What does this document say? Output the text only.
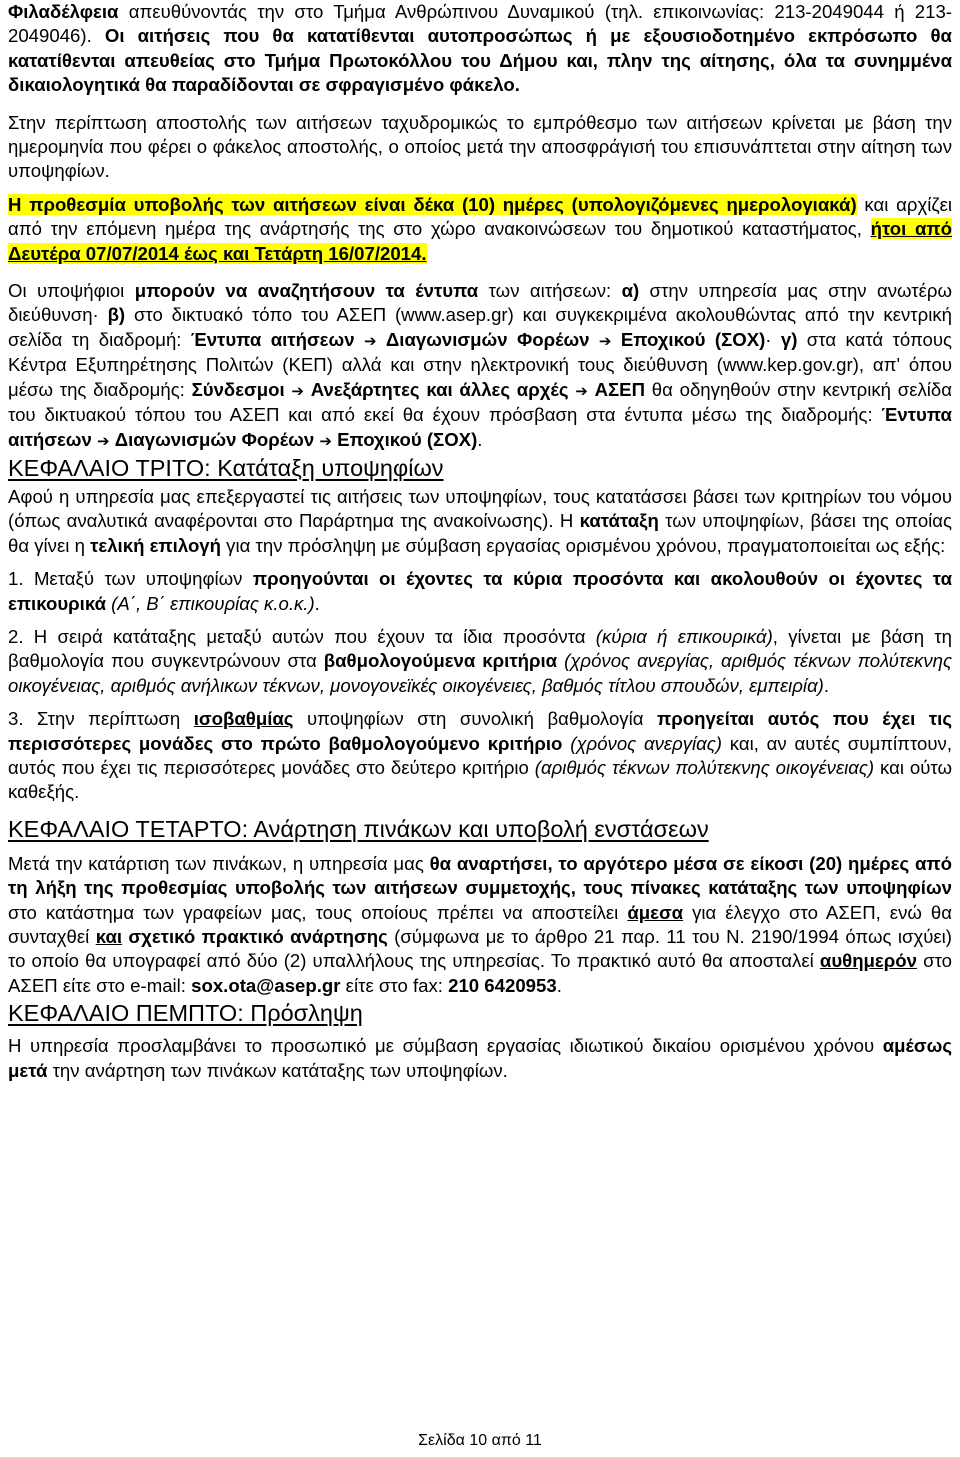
Φιλαδέλφεια απευθύνοντάς την στο Τμήμα Ανθρώπινου Δυναμικού (τηλ. επικοινωνίας: 213-2049044 ή 213-2049046). Οι αιτήσεις που θα κατατίθενται αυτοπροσώπως ή με εξουσιοδοτημένο εκπρόσωπο θα κατατίθενται απευθείας στο Τμήμα Πρωτοκόλλου του Δήμου και, πλην της αίτησης, όλα τα συνημμένα δικαιολογητικά θα παραδίδονται σε σφραγισμένο φάκελο.

Στην περίπτωση αποστολής των αιτήσεων ταχυδρομικώς το εμπρόθεσμο των αιτήσεων κρίνεται με βάση την ημερομηνία που φέρει ο φάκελος αποστολής, ο οποίος μετά την αποσφράγισή του επισυνάπτεται στην αίτηση των υποψηφίων.

Η προθεσμία υποβολής των αιτήσεων είναι δέκα (10) ημέρες (υπολογιζόμενες ημερολογιακά) και αρχίζει από την επόμενη ημέρα της ανάρτησής της στο χώρο ανακοινώσεων του δημοτικού καταστήματος, ήτοι από Δευτέρα 07/07/2014 έως και Τετάρτη 16/07/2014.

Οι υποψήφιοι μπορούν να αναζητήσουν τα έντυπα των αιτήσεων: α) στην υπηρεσία μας στην ανωτέρω διεύθυνση· β) στο δικτυακό τόπο του ΑΣΕΠ (www.asep.gr) και συγκεκριμένα ακολουθώντας από την κεντρική σελίδα τη διαδρομή: Έντυπα αιτήσεων ➔ Διαγωνισμών Φορέων ➔ Εποχικού (ΣΟΧ)· γ) στα κατά τόπους Κέντρα Εξυπηρέτησης Πολιτών (ΚΕΠ) αλλά και στην ηλεκτρονική τους διεύθυνση (www.kep.gov.gr), απ' όπου μέσω της διαδρομής: Σύνδεσμοι ➔ Ανεξάρτητες και άλλες αρχές ➔ ΑΣΕΠ θα οδηγηθούν στην κεντρική σελίδα του δικτυακού τόπου του ΑΣΕΠ και από εκεί θα έχουν πρόσβαση στα έντυπα μέσω της διαδρομής: Έντυπα αιτήσεων ➔ Διαγωνισμών Φορέων ➔ Εποχικού (ΣΟΧ).

ΚΕΦΑΛΑΙΟ ΤΡΙΤΟ: Κατάταξη υποψηφίων

Αφού η υπηρεσία μας επεξεργαστεί τις αιτήσεις των υποψηφίων, τους κατατάσσει βάσει των κριτηρίων του νόμου (όπως αναλυτικά αναφέρονται στο Παράρτημα της ανακοίνωσης). Η κατάταξη των υποψηφίων, βάσει της οποίας θα γίνει η τελική επιλογή για την πρόσληψη με σύμβαση εργασίας ορισμένου χρόνου, πραγματοποιείται ως εξής:

1. Μεταξύ των υποψηφίων προηγούνται οι έχοντες τα κύρια προσόντα και ακολουθούν οι έχοντες τα επικουρικά (Α΄, Β΄ επικουρίας κ.ο.κ.).

2. Η σειρά κατάταξης μεταξύ αυτών που έχουν τα ίδια προσόντα (κύρια ή επικουρικά), γίνεται με βάση τη βαθμολογία που συγκεντρώνουν στα βαθμολογούμενα κριτήρια (χρόνος ανεργίας, αριθμός τέκνων πολύτεκνης οικογένειας, αριθμός ανήλικων τέκνων, μονογονεϊκές οικογένειες, βαθμός τίτλου σπουδών, εμπειρία).

3. Στην περίπτωση ισοβαθμίας υποψηφίων στη συνολική βαθμολογία προηγείται αυτός που έχει τις περισσότερες μονάδες στο πρώτο βαθμολογούμενο κριτήριο (χρόνος ανεργίας) και, αν αυτές συμπίπτουν, αυτός που έχει τις περισσότερες μονάδες στο δεύτερο κριτήριο (αριθμός τέκνων πολύτεκνης οικογένειας) και ούτω καθεξής.

ΚΕΦΑΛΑΙΟ ΤΕΤΑΡΤΟ: Ανάρτηση πινάκων και υποβολή ενστάσεων

Μετά την κατάρτιση των πινάκων, η υπηρεσία μας θα αναρτήσει, το αργότερο μέσα σε είκοσι (20) ημέρες από τη λήξη της προθεσμίας υποβολής των αιτήσεων συμμετοχής, τους πίνακες κατάταξης των υποψηφίων στο κατάστημα των γραφείων μας, τους οποίους πρέπει να αποστείλει άμεσα για έλεγχο στο ΑΣΕΠ, ενώ θα συνταχθεί και σχετικό πρακτικό ανάρτησης (σύμφωνα με το άρθρο 21 παρ. 11 του Ν. 2190/1994 όπως ισχύει) το οποίο θα υπογραφεί από δύο (2) υπαλλήλους της υπηρεσίας. Το πρακτικό αυτό θα αποσταλεί αυθημερόν στο ΑΣΕΠ είτε στο e-mail: sox.ota@asep.gr είτε στο fax: 210 6420953.

ΚΕΦΑΛΑΙΟ ΠΕΜΠΤΟ: Πρόσληψη

Η υπηρεσία προσλαμβάνει το προσωπικό με σύμβαση εργασίας ιδιωτικού δικαίου ορισμένου χρόνου αμέσως μετά την ανάρτηση των πινάκων κατάταξης των υποψηφίων.

Σελίδα 10 από 11
